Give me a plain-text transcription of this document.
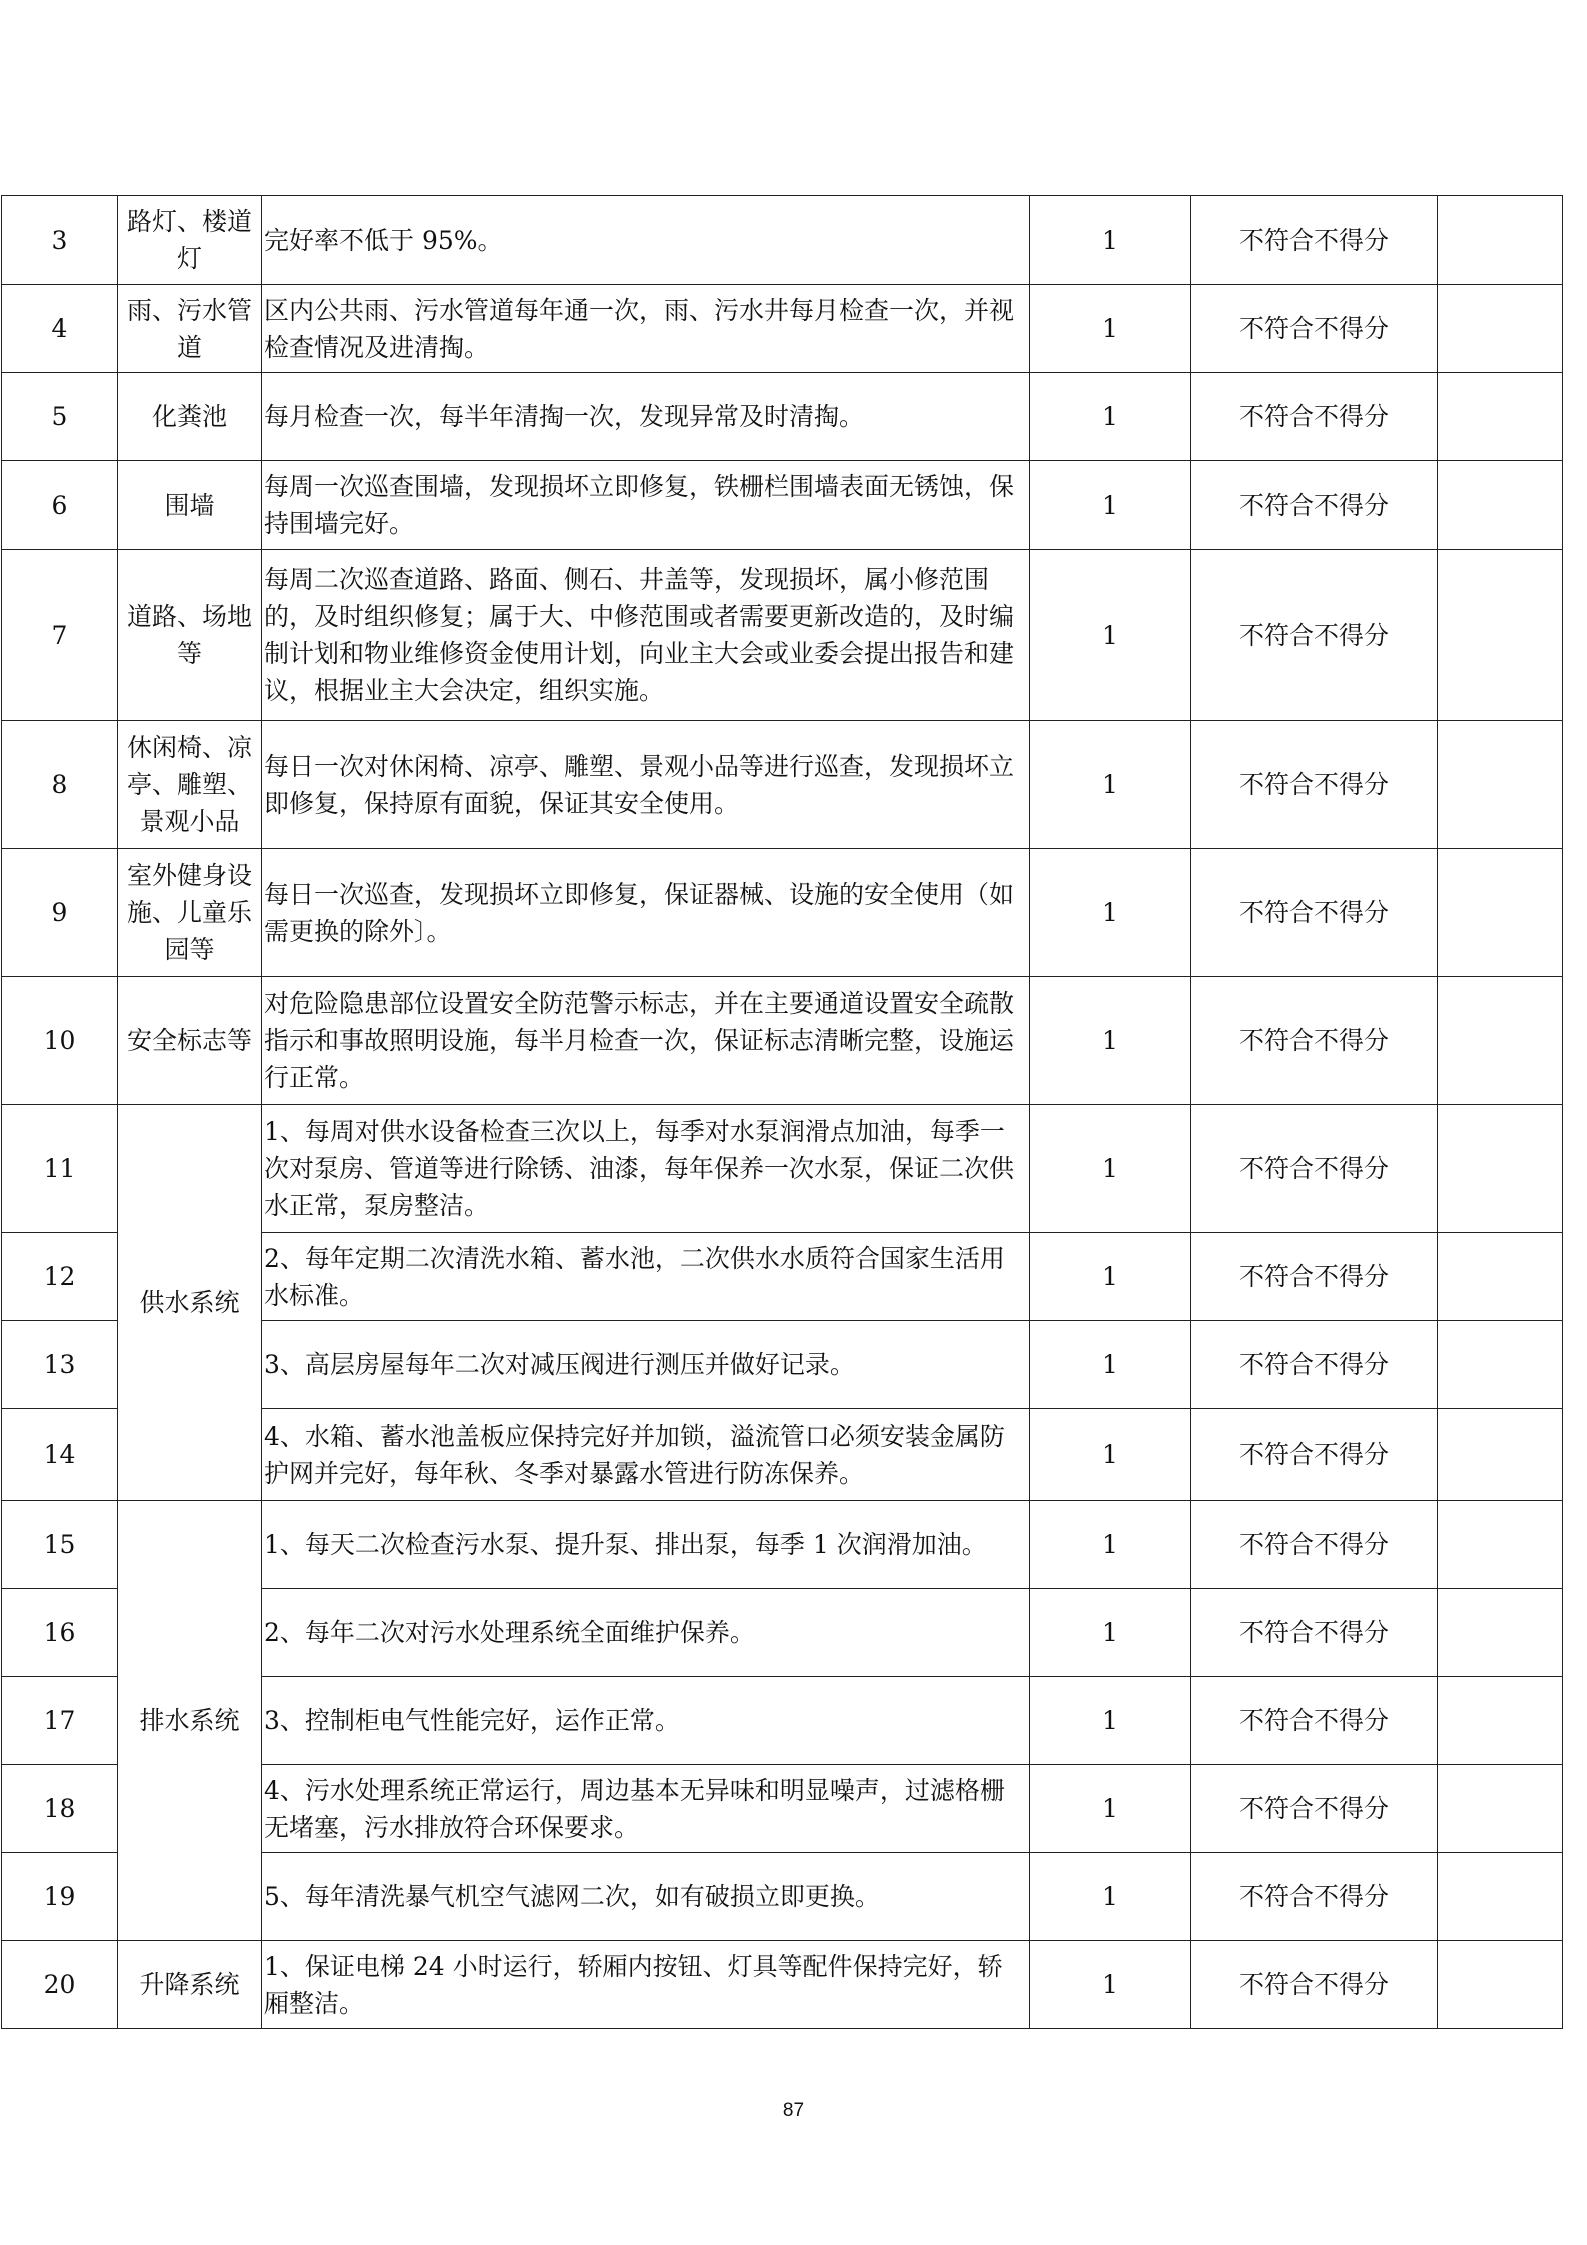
3	路灯、楼道灯	完好率不低于 95%。	1	不符合不得分	
4	雨、污水管道	区内公共雨、污水管道每年通一次，雨、污水井每月检查一次，并视检查情况及进清掏。	1	不符合不得分	
5	化粪池	每月检查一次，每半年清掏一次，发现异常及时清掏。	1	不符合不得分	
6	围墙	每周一次巡查围墙，发现损坏立即修复，铁栅栏围墙表面无锈蚀，保持围墙完好。	1	不符合不得分	
7	道路、场地等	每周二次巡查道路、路面、侧石、井盖等，发现损坏，属小修范围的，及时组织修复；属于大、中修范围或者需要更新改造的，及时编制计划和物业维修资金使用计划，向业主大会或业委会提出报告和建议，根据业主大会决定，组织实施。	1	不符合不得分	
8	休闲椅、凉亭、雕塑、景观小品	每日一次对休闲椅、凉亭、雕塑、景观小品等进行巡查，发现损坏立即修复，保持原有面貌，保证其安全使用。	1	不符合不得分	
9	室外健身设施、儿童乐园等	每日一次巡查，发现损坏立即修复，保证器械、设施的安全使用（如需更换的除外〕。	1	不符合不得分	
10	安全标志等	对危险隐患部位设置安全防范警示标志，并在主要通道设置安全疏散指示和事故照明设施，每半月检查一次，保证标志清晰完整，设施运行正常。	1	不符合不得分	
11	供水系统	1、每周对供水设备检查三次以上，每季对水泵润滑点加油，每季一次对泵房、管道等进行除锈、油漆，每年保养一次水泵，保证二次供水正常，泵房整洁。	1	不符合不得分	
12		2、每年定期二次清洗水箱、蓄水池，二次供水水质符合国家生活用水标准。	1	不符合不得分	
13		3、高层房屋每年二次对减压阀进行测压并做好记录。	1	不符合不得分	
14		4、水箱、蓄水池盖板应保持完好并加锁，溢流管口必须安装金属防护网并完好，每年秋、冬季对暴露水管进行防冻保养。	1	不符合不得分	
15	排水系统	1、每天二次检查污水泵、提升泵、排出泵，每季 1 次润滑加油。	1	不符合不得分	
16		2、每年二次对污水处理系统全面维护保养。	1	不符合不得分	
17		3、控制柜电气性能完好，运作正常。	1	不符合不得分	
18		4、污水处理系统正常运行，周边基本无异味和明显噪声，过滤格栅无堵塞，污水排放符合环保要求。	1	不符合不得分	
19		5、每年清洗暴气机空气滤网二次，如有破损立即更换。	1	不符合不得分	
20	升降系统	1、保证电梯 24 小时运行，轿厢内按钮、灯具等配件保持完好，轿厢整洁。	1	不符合不得分	
87
